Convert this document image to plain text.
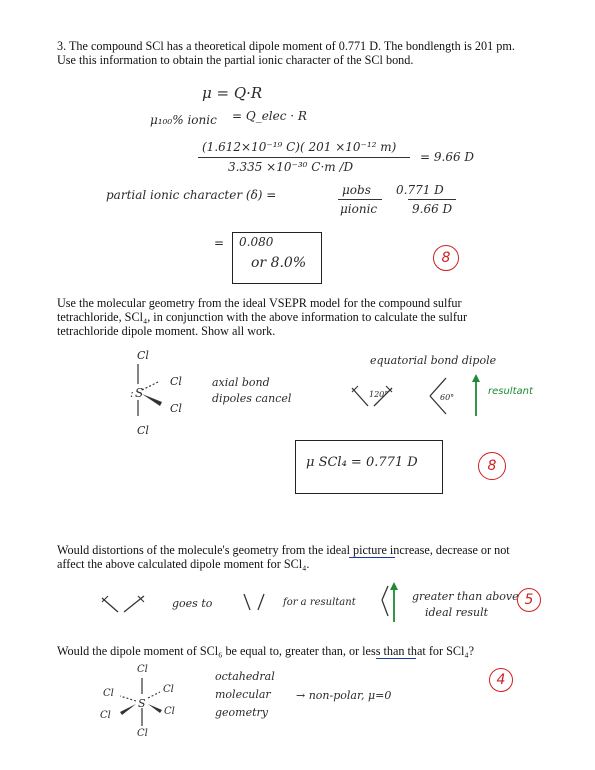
3. The compound SCl has a theoretical dipole moment of 0.771 D. The bondlength is 201 pm.
Use this information to obtain the partial ionic character of the SCl bond.
μ = Q·R
μ₁₀₀% ionic = Q_elec · R
(1.612×10⁻¹⁹ C)( 201 ×10⁻¹² m)
3.335 ×10⁻³⁰ C·m /D
= 9.66 D
partial ionic character (δ) =	μobs
μionic
0.771 D
9.66 D
= 0.080
or 8.0%	8
Use the molecular geometry from the ideal VSEPR model for the compound sulfur
tetrachloride, SCl₄, in conjunction with the above information to calculate the sulfur
tetrachloride dipole moment. Show all work.
Cl
: S
Cl
Cl
Cl
axial bond
dipoles cancel
equatorial bond dipole
120°	60°
resultant
μ SCl₄ = 0.771 D	8
Would distortions of the molecule's geometry from the ideal picture increase, decrease or not
affect the above calculated dipole moment for SCl₄.
goes to	for a resultant	greater than above
ideal result
5
Would the dipole moment of SCl₆ be equal to, greater than, or less than that for SCl₄?
Cl
Cl
S
Cl
Cl	Cl
Cl
octahedral
molecular
geometry
→ non-polar, μ=0
4
